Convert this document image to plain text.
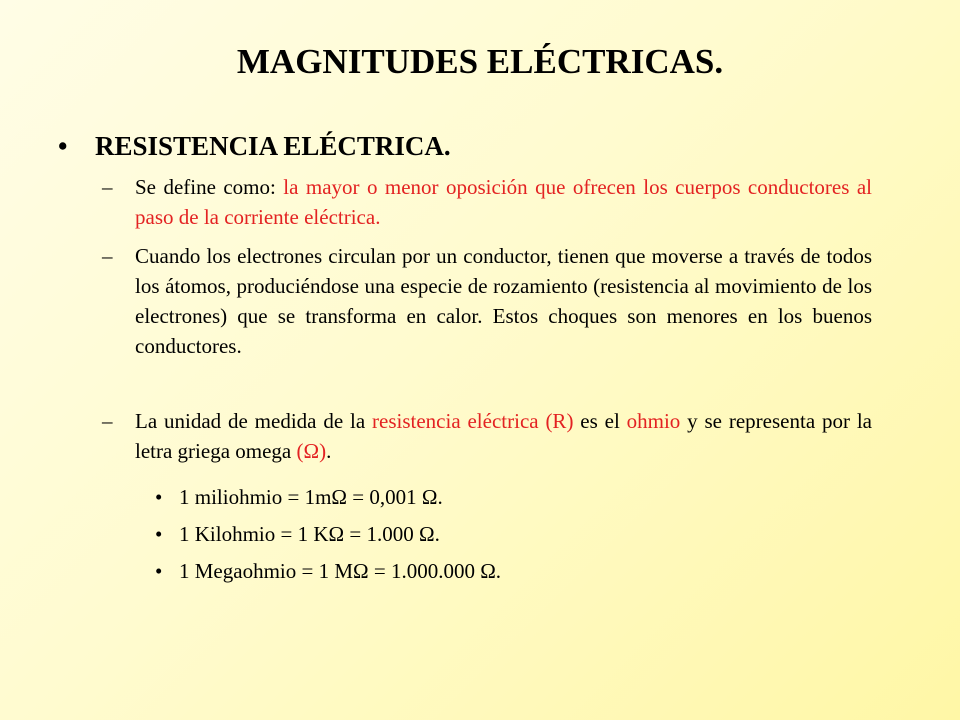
MAGNITUDES ELÉCTRICAS.
• RESISTENCIA ELÉCTRICA.
– Se define como: la mayor o menor oposición que ofrecen los cuerpos conductores al paso de la corriente eléctrica.
– Cuando los electrones circulan por un conductor, tienen que moverse a través de todos los átomos, produciéndose una especie de rozamiento (resistencia al movimiento de los electrones) que se transforma en calor. Estos choques son menores en los buenos conductores.
– La unidad de medida de la resistencia eléctrica (R) es el ohmio y se representa por la letra griega omega (Ω).
• 1 miliohmio = 1mΩ = 0,001 Ω.
• 1 Kilohmio = 1 KΩ = 1.000 Ω.
• 1 Megaohmio = 1 MΩ = 1.000.000 Ω.
